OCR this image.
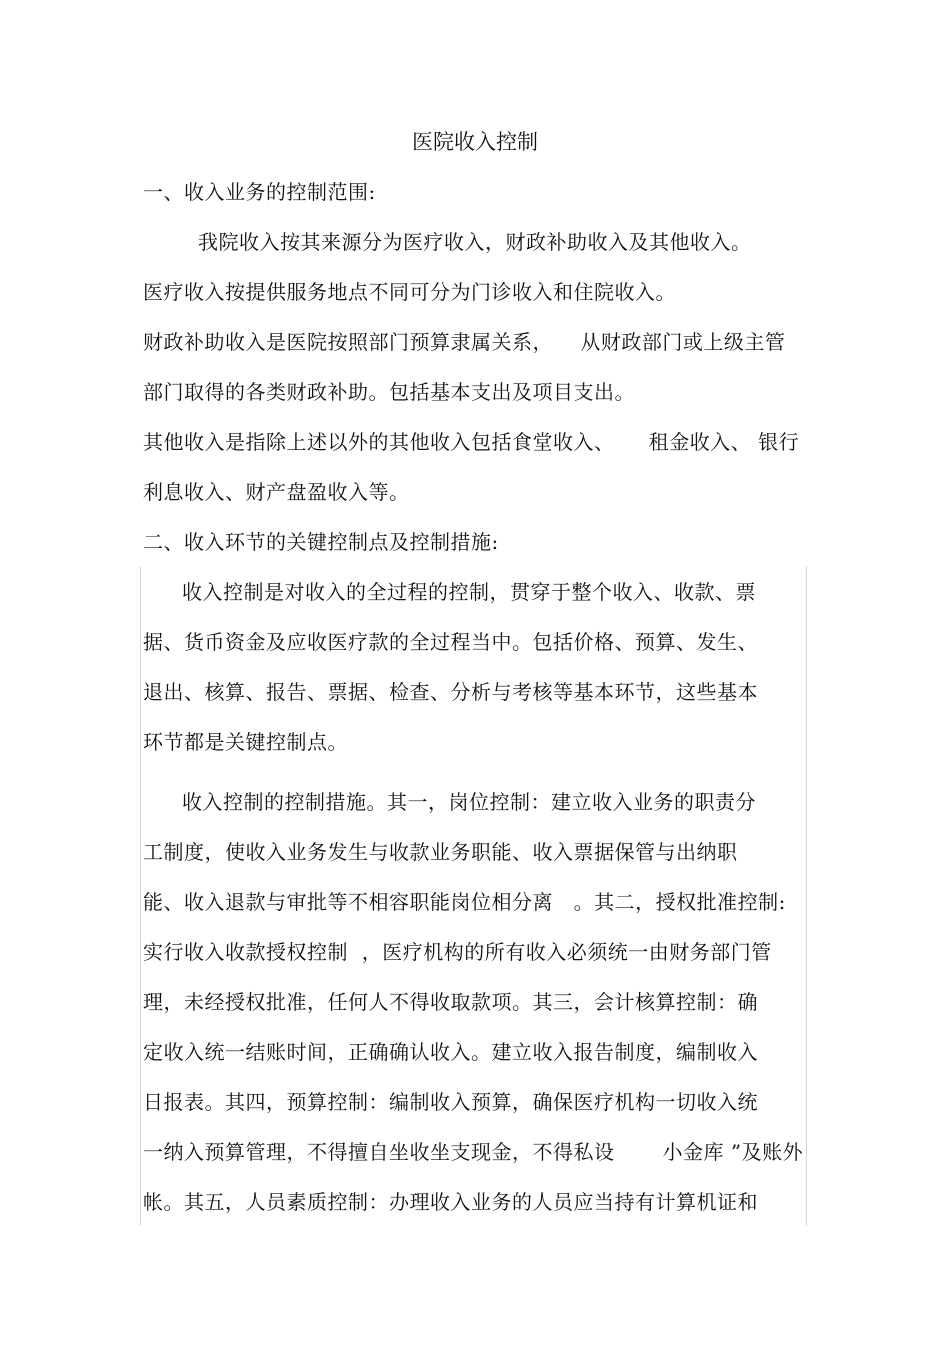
医院收入控制
一、收入业务的控制范围:
我院收入按其来源分为医疗收入，财政补助收入及其他收入。
医疗收入按提供服务地点不同可分为门诊收入和住院收入。
财政补助收入是医院按照部门预算隶属关系，    从财政部门或上级主管
部门取得的各类财政补助。包括基本支出及项目支出。
其他收入是指除上述以外的其他收入包括食堂收入、     租金收入、 银行
利息收入、财产盘盈收入等。
二、收入环节的关键控制点及控制措施:
收入控制是对收入的全过程的控制，贯穿于整个收入、收款、票
据、货币资金及应收医疗款的全过程当中。包括价格、预算、发生、
退出、核算、报告、票据、检查、分析与考核等基本环节，这些基本
环节都是关键控制点。
收入控制的控制措施。其一，岗位控制：建立收入业务的职责分
工制度，使收入业务发生与收款业务职能、收入票据保管与出纳职
能、收入退款与审批等不相容职能岗位相分离   。其二，授权批准控制:
实行收入收款授权控制  ，医疗机构的所有收入必须统一由财务部门管
理，未经授权批准，任何人不得收取款项。其三，会计核算控制：确
定收入统一结账时间，正确确认收入。建立收入报告制度，编制收入
日报表。其四，预算控制：编制收入预算，确保医疗机构一切收入统
一纳入预算管理，不得擅自坐收坐支现金，不得私设       小金库 ”及账外
帐。其五，人员素质控制：办理收入业务的人员应当持有计算机证和
